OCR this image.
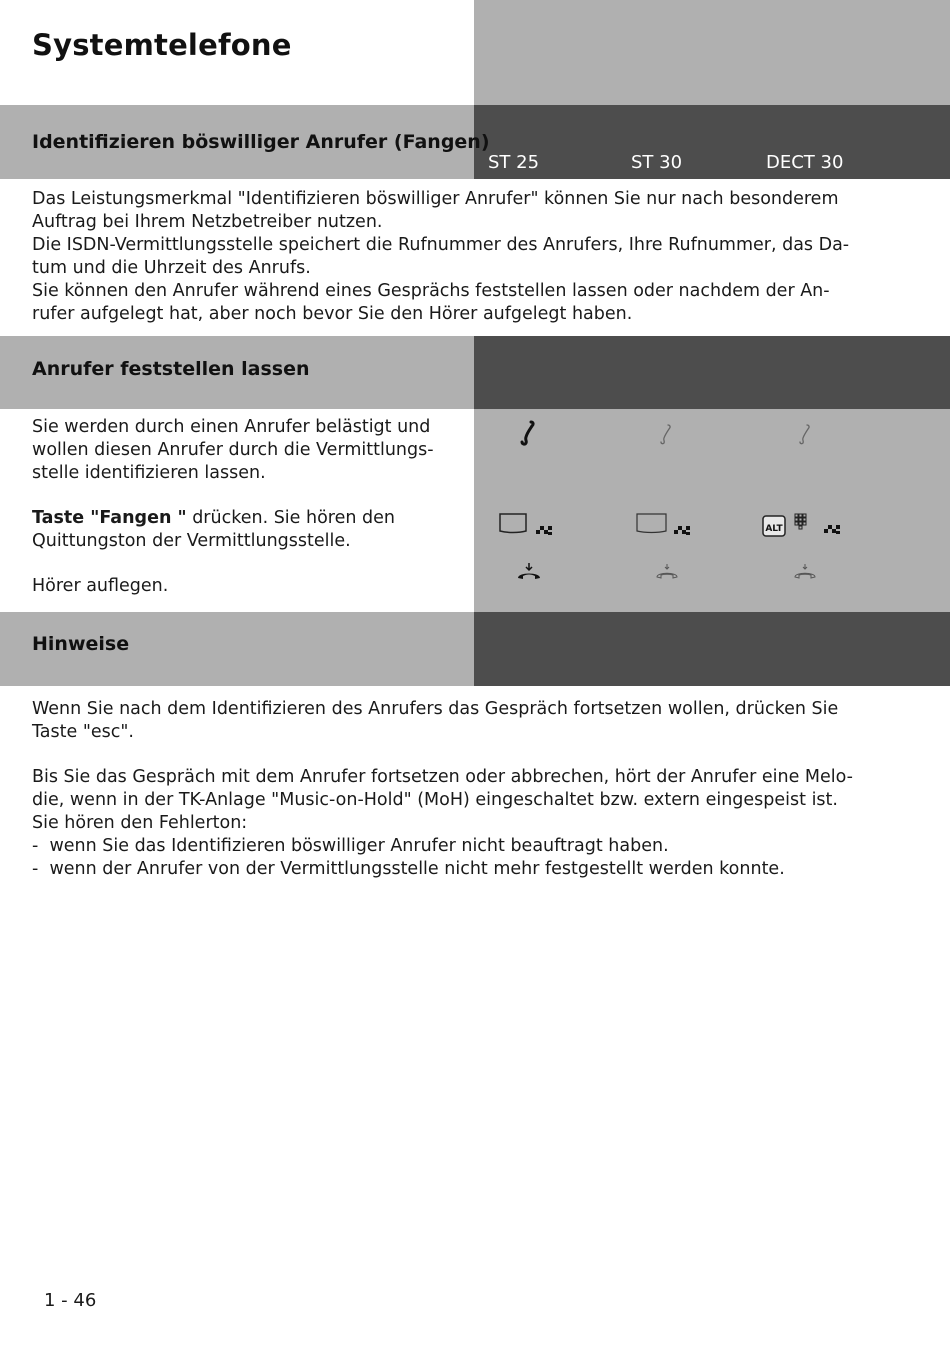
Systemtelefone
Identifizieren böswilliger Anrufer (Fangen)
ST 25	ST 30	DECT 30

Das Leistungsmerkmal "Identifizieren böswilliger Anrufer" können Sie nur nach besonderem

Auftrag bei Ihrem Netzbetreiber nutzen.

Die ISDN-Vermittlungsstelle speichert die Rufnummer des Anrufers, Ihre Rufnummer, das Da-

tum und die Uhrzeit des Anrufs.

Sie können den Anrufer während eines Gesprächs feststellen lassen oder nachdem der An-

rufer aufgelegt hat, aber noch bevor Sie den Hörer aufgelegt haben.

Anrufer feststellen lassen

Sie werden durch einen Anrufer belästigt und

wollen diesen Anrufer durch die Vermittlungs-

stelle identifizieren lassen.

Taste "Fangen " drücken. Sie hören den

Quittungston der Vermittlungsstelle.

Hörer auflegen.

ALT
Hinweise

Wenn Sie nach dem Identifizieren des Anrufers das Gespräch fortsetzen wollen, drücken Sie

Taste "esc".

Bis Sie das Gespräch mit dem Anrufer fortsetzen oder abbrechen, hört der Anrufer eine Melo-

die, wenn in der TK-Anlage "Music-on-Hold" (MoH) eingeschaltet bzw. extern eingespeist ist.

Sie hören den Fehlerton:

-  wenn Sie das Identifizieren böswilliger Anrufer nicht beauftragt haben.

-  wenn der Anrufer von der Vermittlungsstelle nicht mehr festgestellt werden konnte.

1 - 46
